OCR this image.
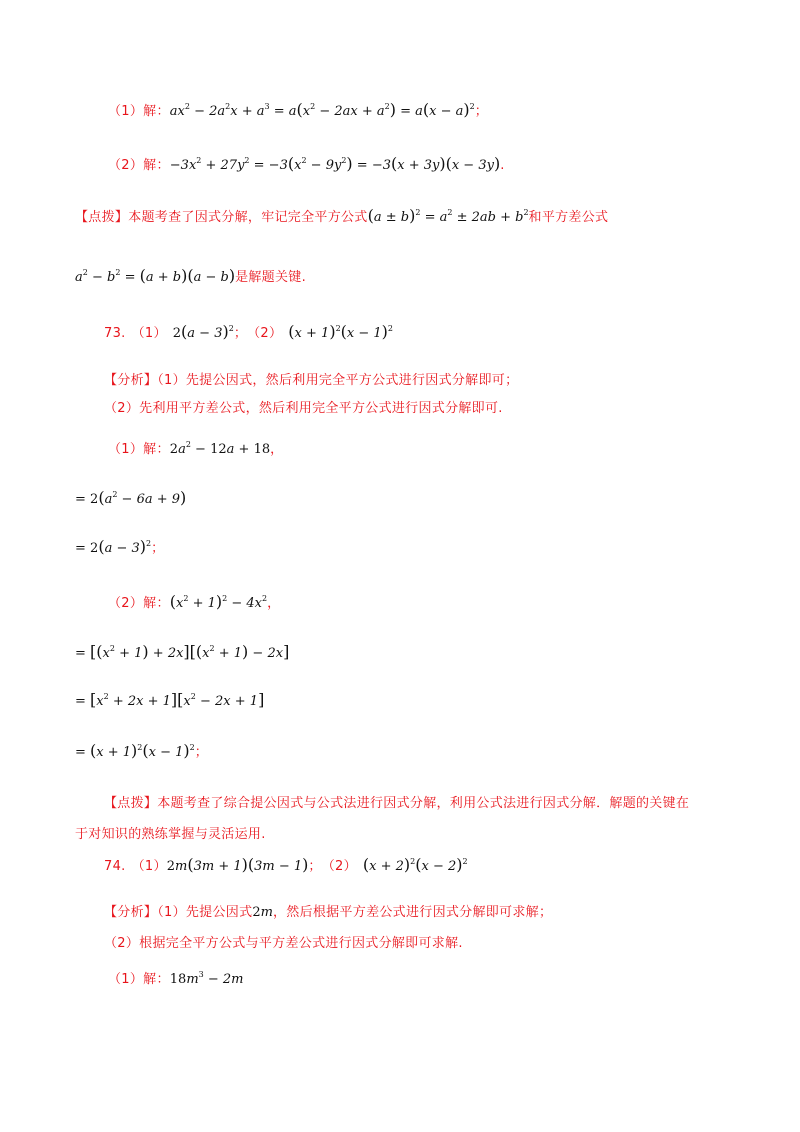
（1）解： $ax^2 - 2a^2x + a^3 = a(x^2 - 2ax + a^2) = a(x - a)^2$ ；
（2）解： $-3x^2 + 27y^2 = -3(x^2 - 9y^2) = -3(x + 3y)(x - 3y)$ .
【点拨】本题考查了因式分解，牢记完全平方公式 $(a \pm b)^2 = a^2 \pm 2ab + b^2$ 和平方差公式
$a^2 - b^2 = (a + b)(a - b)$ 是解题关键.
73. （1） $2(a - 3)^2$ ； （2） $(x + 1)^2(x - 1)^2$
【分析】（1）先提公因式，然后利用完全平方公式进行因式分解即可；
（2）先利用平方差公式，然后利用完全平方公式进行因式分解即可.
（1）解： $2a^2 - 12a + 18$ ，
= $2(a^2 - 6a + 9)$
= $2(a - 3)^2$ ；
（2）解： $(x^2 + 1)^2 - 4x^2$ ，
= $[(x^2 + 1) + 2x][(x^2 + 1) - 2x]$
= $[x^2 + 2x + 1][x^2 - 2x + 1]$
= $(x + 1)^2(x - 1)^2$ ；
【点拨】本题考查了综合提公因式与公式法进行因式分解，利用公式法进行因式分解．解题的关键在
于对知识的熟练掌握与灵活运用.
74. （1） 2m(3m + 1)(3m − 1) ； （2） $(x + 2)^2(x - 2)^2$
【分析】（1）先提公因式 2m ，然后根据平方差公式进行因式分解即可求解；
（2）根据完全平方公式与平方差公式进行因式分解即可求解.
（1）解： $18m^3 - 2m$
